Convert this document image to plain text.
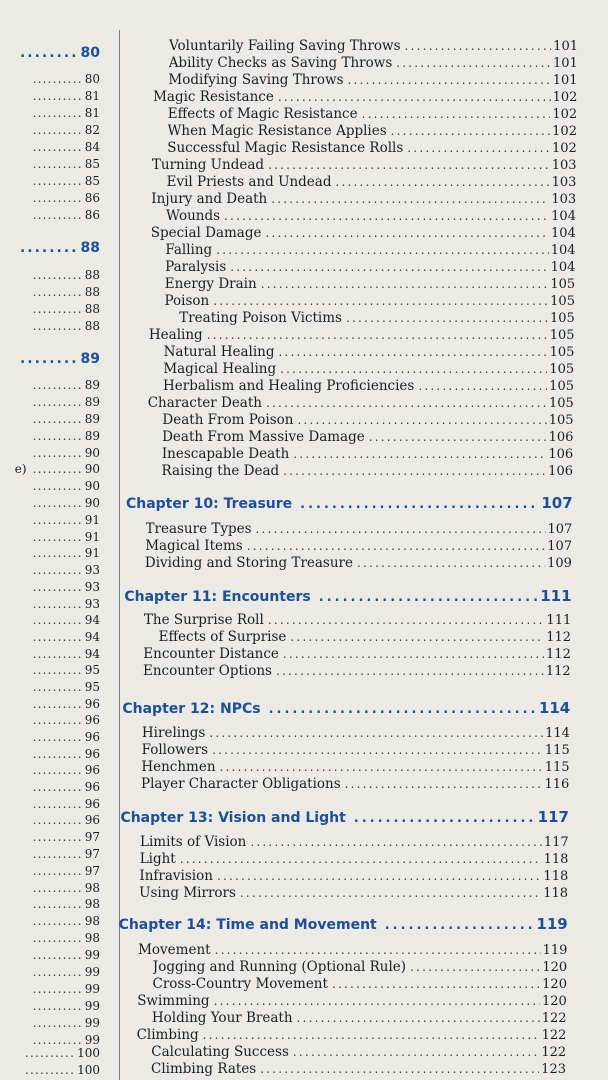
........ 80
.......... 80
.......... 81
.......... 81
.......... 82
.......... 84
.......... 85
.......... 85
.......... 86
.......... 86
........ 88
.......... 88
.......... 88
.......... 88
.......... 88
........ 89
.......... 89
.......... 89
.......... 89
.......... 89
.......... 90
e) .......... 90
.......... 90
.......... 90
.......... 91
.......... 91
.......... 91
.......... 93
.......... 93
.......... 93
.......... 94
.......... 94
.......... 94
.......... 95
.......... 95
.......... 96
.......... 96
.......... 96
.......... 96
.......... 96
.......... 96
.......... 96
.......... 96
.......... 97
.......... 97
.......... 97
.......... 98
.......... 98
.......... 98
.......... 98
.......... 99
.......... 99
.......... 99
.......... 99
.......... 99
.......... 99
.......... 100
.......... 100
Voluntarily Failing Saving Throws .....	101
Ability Checks as Saving Throws .....	101
Modifying Saving Throws .....	101
Magic Resistance .....	102
Effects of Magic Resistance .....	102
When Magic Resistance Applies .....	102
Successful Magic Resistance Rolls .....	102
Turning Undead .....	103
Evil Priests and Undead .....	103
Injury and Death .....	103
Wounds .....	104
Special Damage .....	104
Falling .....	104
Paralysis .....	104
Energy Drain .....	105
Poison .....	105
Treating Poison Victims .....	105
Healing .....	105
Natural Healing .....	105
Magical Healing .....	105
Herbalism and Healing Proficiencies .....	105
Character Death .....	105
Death From Poison .....	105
Death From Massive Damage .....	106
Inescapable Death .....	106
Raising the Dead .....	106
Chapter 10: Treasure .....	107
Treasure Types .....	107
Magical Items .....	107
Dividing and Storing Treasure .....	109
Chapter 11: Encounters .....	111
The Surprise Roll .....	111
Effects of Surprise .....	112
Encounter Distance .....	112
Encounter Options .....	112
Chapter 12: NPCs .....	114
Hirelings .....	114
Followers .....	115
Henchmen .....	115
Player Character Obligations .....	116
Chapter 13: Vision and Light .....	117
Limits of Vision .....	117
Light .....	118
Infravision .....	118
Using Mirrors .....	118
Chapter 14: Time and Movement .....	119
Movement .....	119
Jogging and Running (Optional Rule) .....	120
Cross-Country Movement .....	120
Swimming .....	120
Holding Your Breath .....	122
Climbing .....	122
Calculating Success .....	122
Climbing Rates .....	123
